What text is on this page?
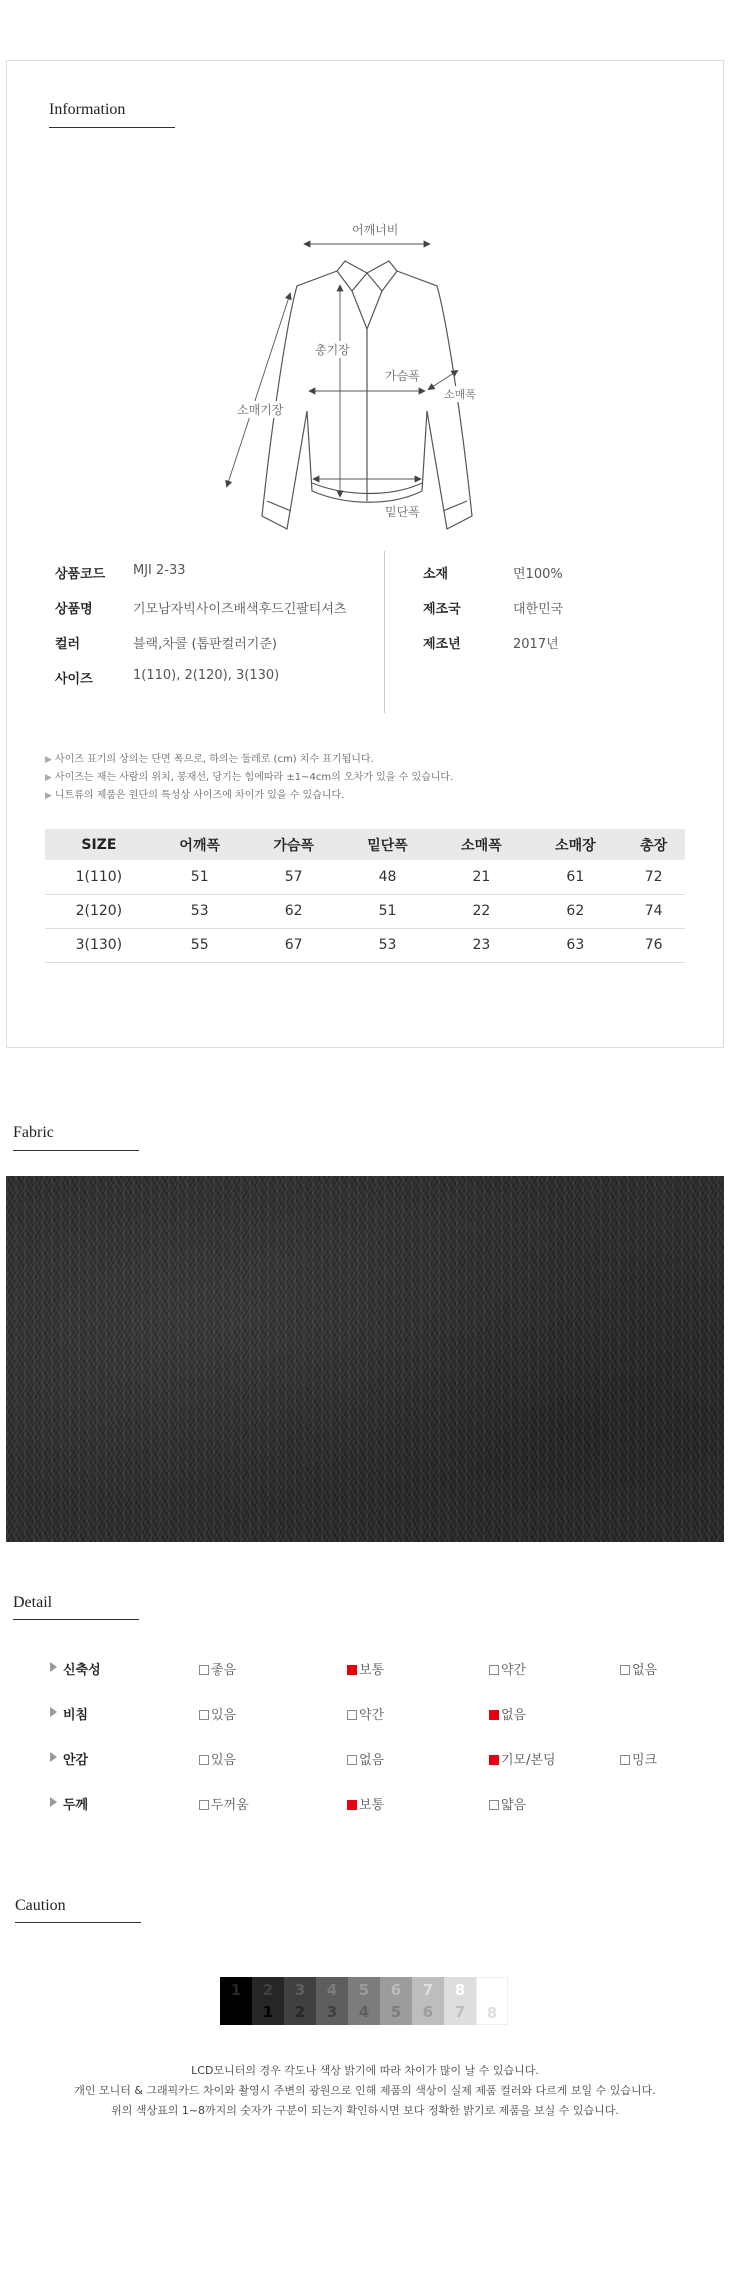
Information
어깨너비
총기장
가슴폭
소매폭
소매기장
밑단폭
상품코드 MJI 2-33
상품명	기모남자빅사이즈배색후드긴팔티셔츠
컬러	블랙,차콜 (톱판컬러기준)
사이즈	1(110), 2(120), 3(130)
소재	면100%
제조국	대한민국
제조년	2017년
▶ 사이즈 표기의 상의는 단면 폭으로, 하의는 둘레로 (cm) 치수 표기됩니다.
▶ 사이즈는 재는 사람의 위치, 봉재선, 당기는 힘에따라 ±1~4cm의 오차가 있을 수 있습니다.
▶ 니트류의 제품은 원단의 특성상 사이즈에 차이가 있을 수 있습니다.
SIZE	어깨폭	가슴폭	밑단폭	소매폭	소매장	총장
1(110)	51	57	48	21	61	72
2(120)	53	62	51	22	62	74
3(130)	55	67	53	23	63	76
Fabric
Detail
신축성	좋음	보통	약간	없음
비침	있음	약간	없음
안감	있음	없음	기모/본딩	밍크
두께	두꺼움	보통	얇음
Caution
1	2
1
3
2
4
3
5
4
6
5
7
6
8
7	8
LCD모니터의 경우 각도나 색상 밝기에 따라 차이가 많이 날 수 있습니다.
개인 모니터 & 그래픽카드 차이와 촬영시 주변의 광원으로 인해 제품의 색상이 실제 제품 컬러와 다르게 보일 수 있습니다.
위의 색상표의 1~8까지의 숫자가 구분이 되는지 확인하시면 보다 정확한 밝기로 제품을 보실 수 있습니다.
